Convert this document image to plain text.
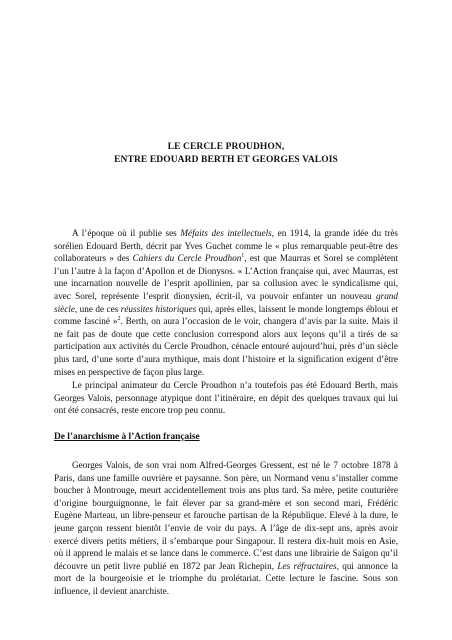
LE CERCLE PROUDHON,
ENTRE EDOUARD BERTH ET GEORGES VALOIS

A l’époque où il publie ses Méfaits des intellectuels, en 1914, la grande idée du très sorélien Edouard Berth, décrit par Yves Guchet comme le « plus remarquable peut-être des collaborateurs » des Cahiers du Cercle Proudhon$^1$, est que Maurras et Sorel se complètent l’un l’autre à la façon d’Apollon et de Dionysos. « L’Action française qui, avec Maurras, est une incarnation nouvelle de l’esprit apollinien, par sa collusion avec le syndicalisme qui, avec Sorel, représente l’esprit dionysien, écrit-il, va pouvoir enfanter un nouveau grand siècle, une de ces réussites historiques qui, après elles, laissent le monde longtemps ébloui et comme fasciné »$^2$. Berth, on aura l’occasion de le voir, changera d’avis par la suite. Mais il ne fait pas de doute que cette conclusion correspond alors aux leçons qu’il a tirés de sa participation aux activités du Cercle Proudhon, cénacle entouré aujourd’hui, près d’un siècle plus tard, d’une sorte d’aura mythique, mais dont l’histoire et la signification exigent d’être mises en perspective de façon plus large.

Le principal animateur du Cercle Proudhon n’a toutefois pas été Edouard Berth, mais Georges Valois, personnage atypique dont l’itinéraire, en dépit des quelques travaux qui lui ont été consacrés, reste encore trop peu connu.

De l’anarchisme à l’Action française

Georges Valois, de son vrai nom Alfred-Georges Gressent, est né le 7 octobre 1878 à Paris, dans une famille ouvrière et paysanne. Son père, un Normand venu s’installer comme boucher à Montrouge, meurt accidentellement trois ans plus tard. Sa mère, petite couturière d’origine bourguignonne, le fait élever par sa grand-mère et son second mari, Frédéric Eugène Marteau, un libre-penseur et farouche partisan de la République. Elevé à la dure, le jeune garçon ressent bientôt l’envie de voir du pays. A l’âge de dix-sept ans, après avoir exercé divers petits métiers, il s’embarque pour Singapour. Il restera dix-huit mois en Asie, où il apprend le malais et se lance dans le commerce. C’est dans une librairie de Saïgon qu’il découvre un petit livre publié en 1872 par Jean Richepin, Les réfractaires, qui annonce la mort de la bourgeoisie et le triomphe du prolétariat. Cette lecture le fascine. Sous son influence, il devient anarchiste.
